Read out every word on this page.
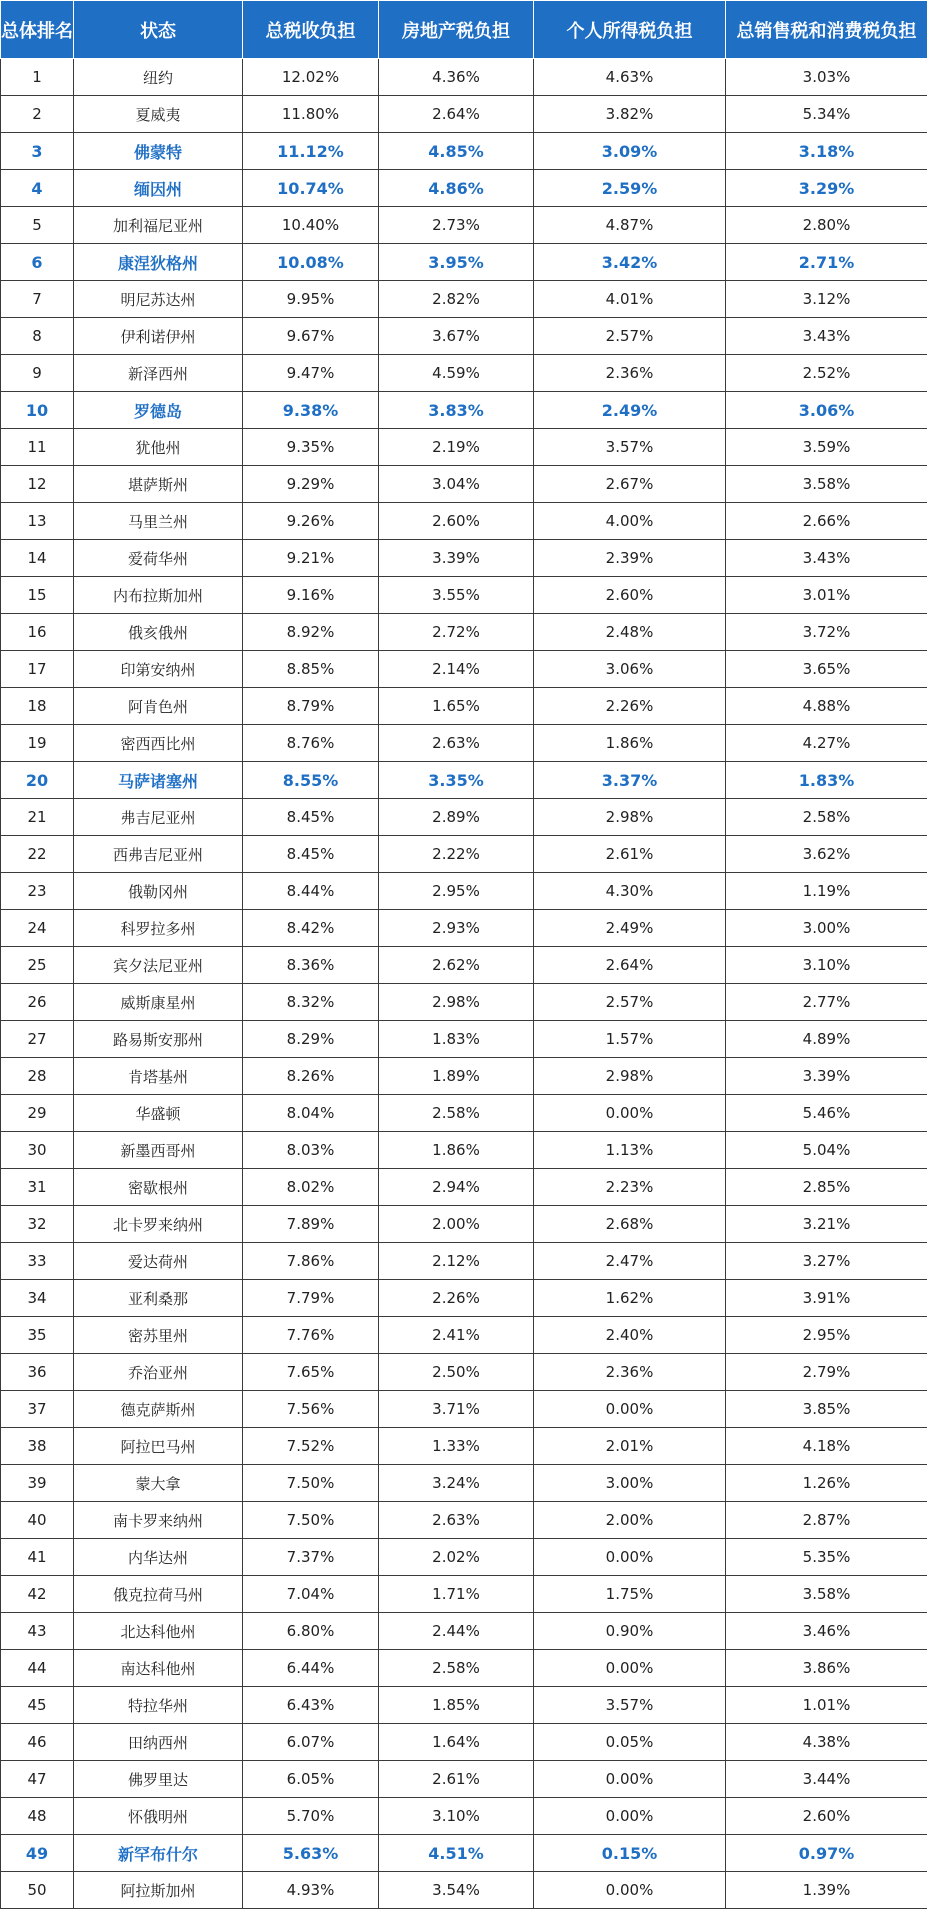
总体排名	状态	总税收负担	房地产税负担	个人所得税负担	总销售税和消费税负担
1	纽约	12.02%	4.36%	4.63%	3.03%
2	夏威夷	11.80%	2.64%	3.82%	5.34%
3	佛蒙特	11.12%	4.85%	3.09%	3.18%
4	缅因州	10.74%	4.86%	2.59%	3.29%
5	加利福尼亚州	10.40%	2.73%	4.87%	2.80%
6	康涅狄格州	10.08%	3.95%	3.42%	2.71%
7	明尼苏达州	9.95%	2.82%	4.01%	3.12%
8	伊利诺伊州	9.67%	3.67%	2.57%	3.43%
9	新泽西州	9.47%	4.59%	2.36%	2.52%
10	罗德岛	9.38%	3.83%	2.49%	3.06%
11	犹他州	9.35%	2.19%	3.57%	3.59%
12	堪萨斯州	9.29%	3.04%	2.67%	3.58%
13	马里兰州	9.26%	2.60%	4.00%	2.66%
14	爱荷华州	9.21%	3.39%	2.39%	3.43%
15	内布拉斯加州	9.16%	3.55%	2.60%	3.01%
16	俄亥俄州	8.92%	2.72%	2.48%	3.72%
17	印第安纳州	8.85%	2.14%	3.06%	3.65%
18	阿肯色州	8.79%	1.65%	2.26%	4.88%
19	密西西比州	8.76%	2.63%	1.86%	4.27%
20	马萨诸塞州	8.55%	3.35%	3.37%	1.83%
21	弗吉尼亚州	8.45%	2.89%	2.98%	2.58%
22	西弗吉尼亚州	8.45%	2.22%	2.61%	3.62%
23	俄勒冈州	8.44%	2.95%	4.30%	1.19%
24	科罗拉多州	8.42%	2.93%	2.49%	3.00%
25	宾夕法尼亚州	8.36%	2.62%	2.64%	3.10%
26	威斯康星州	8.32%	2.98%	2.57%	2.77%
27	路易斯安那州	8.29%	1.83%	1.57%	4.89%
28	肯塔基州	8.26%	1.89%	2.98%	3.39%
29	华盛顿	8.04%	2.58%	0.00%	5.46%
30	新墨西哥州	8.03%	1.86%	1.13%	5.04%
31	密歇根州	8.02%	2.94%	2.23%	2.85%
32	北卡罗来纳州	7.89%	2.00%	2.68%	3.21%
33	爱达荷州	7.86%	2.12%	2.47%	3.27%
34	亚利桑那	7.79%	2.26%	1.62%	3.91%
35	密苏里州	7.76%	2.41%	2.40%	2.95%
36	乔治亚州	7.65%	2.50%	2.36%	2.79%
37	德克萨斯州	7.56%	3.71%	0.00%	3.85%
38	阿拉巴马州	7.52%	1.33%	2.01%	4.18%
39	蒙大拿	7.50%	3.24%	3.00%	1.26%
40	南卡罗来纳州	7.50%	2.63%	2.00%	2.87%
41	内华达州	7.37%	2.02%	0.00%	5.35%
42	俄克拉荷马州	7.04%	1.71%	1.75%	3.58%
43	北达科他州	6.80%	2.44%	0.90%	3.46%
44	南达科他州	6.44%	2.58%	0.00%	3.86%
45	特拉华州	6.43%	1.85%	3.57%	1.01%
46	田纳西州	6.07%	1.64%	0.05%	4.38%
47	佛罗里达	6.05%	2.61%	0.00%	3.44%
48	怀俄明州	5.70%	3.10%	0.00%	2.60%
49	新罕布什尔	5.63%	4.51%	0.15%	0.97%
50	阿拉斯加州	4.93%	3.54%	0.00%	1.39%
